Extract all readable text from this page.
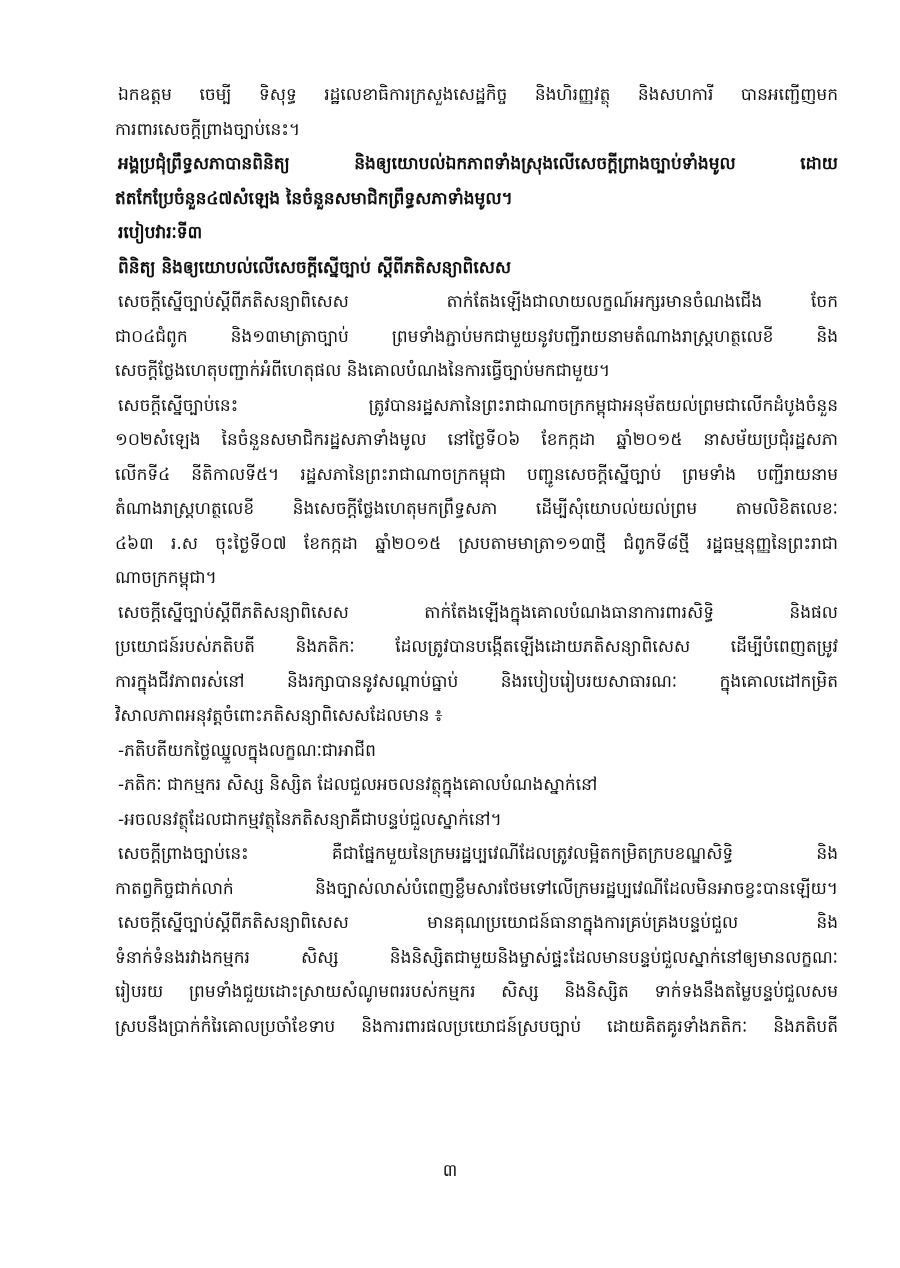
ឯកឧត្តម ចេម្បី ទិសុទ្ធ រដ្ឋលេខាធិការក្រសួងសេដ្ឋកិច្ច និងហិរញ្ញវត្ថុ និងសហការី បានអញ្ជើញមក
ការពារសេចក្តីព្រាងច្បាប់នេះ។
អង្គប្រជុំព្រឹទ្ធសភាបានពិនិត្យ និងឲ្យយោបល់ឯកភាពទាំងស្រុងលើសេចក្តីព្រាងច្បាប់ទាំងមូល ដោយ
ឥតកែប្រែចំនួន៤៧សំឡេង នៃចំនួនសមាជិកព្រឹទ្ធសភាទាំងមូល។
របៀបវារៈទី៣
ពិនិត្យ និងឲ្យយោបល់លើសេចក្តីស្នើច្បាប់ ស្តីពីភតិសន្យាពិសេស
សេចក្តីស្នើច្បាប់ស្តីពីភតិសន្យាពិសេស ​ តាក់តែងឡើងជាលាយលក្ខណ៍អក្សរមានចំណងជើង ចែក
ជា០៤ជំពូក និង១៣មាត្រាច្បាប់ ព្រមទាំងភ្ជាប់មកជាមួយនូវបញ្ជីរាយនាមតំណាងរាស្ត្រហត្ថលេខី និង
សេចក្តីថ្លែងហេតុបញ្ជាក់អំពីហេតុផល និងគោលបំណងនៃការធ្វើច្បាប់មកជាមួយ។
សេចក្តីស្នើច្បាប់នេះ ត្រូវបានរដ្ឋសភានៃព្រះរាជាណាចក្រកម្ពុជាអនុម័តយល់ព្រមជាលើកដំបូងចំនួន
១០២សំឡេង នៃចំនួនសមាជិករដ្ឋសភាទាំងមូល នៅថ្ងៃទី០៦ ខែកក្កដា ឆ្នាំ២០១៥ នាសម័យប្រជុំរដ្ឋសភា
លើកទី៤ នីតិកាលទី៥។ រដ្ឋសភានៃព្រះរាជាណាចក្រកម្ពុជា បញ្ជូនសេចក្តីស្នើច្បាប់ ព្រមទាំង បញ្ជីរាយនាម
តំណាងរាស្ត្រហត្ថលេខី និងសេចក្តីថ្លែងហេតុមកព្រឹទ្ធសភា ដើម្បីសុំយោបល់យល់ព្រម តាមលិខិតលេខៈ
៤៦៣ រ.ស ចុះថ្ងៃទី០៧ ខែកក្កដា ឆ្នាំ២០១៥ ស្របតាមមាត្រា១១៣ថ្មី ជំពូកទី៨ថ្មី រដ្ឋធម្មនុញ្ញនៃព្រះរាជា
ណាចក្រកម្ពុជា។
សេចក្តីស្នើច្បាប់ស្តីពីភតិសន្យាពិសេស តាក់តែងឡើងក្នុងគោលបំណងធានាការពារសិទ្ធិ និងផល
ប្រយោជន៍របស់ភតិបតី និងភតិកៈ ដែលត្រូវបានបង្កើតឡើងដោយភតិសន្យាពិសេស ដើម្បីបំពេញតម្រូវ
ការក្នុងជីវភាពរស់នៅ និងរក្សាបាននូវសណ្តាប់ធ្នាប់ និងរបៀបរៀបរយសាធារណៈ ក្នុងគោលដៅកម្រិត
វិសាលភាពអនុវត្តចំពោះភតិសន្យាពិសេសដែលមាន ៖
-ភតិបតីយកថ្លៃឈ្នួលក្នុងលក្ខណៈជាអាជីព
-ភតិកៈ ជាកម្មករ សិស្ស និស្សិត ដែលជួលអចលនវត្ថុក្នុងគោលបំណងស្នាក់នៅ
-អចលនវត្ថុដែលជាកម្មវត្ថុនៃភតិសន្យាគឺជាបន្ទប់ជួលស្នាក់នៅ។
សេចក្តីព្រាងច្បាប់នេះ គឺជាផ្នែកមួយនៃក្រមរដ្ឋប្បវេណីដែលត្រូវលម្អិតកម្រិតក្របខណ្ឌសិទ្ធិ និង
កាតព្វកិច្ចជាក់លាក់ និងច្បាស់លាស់បំពេញខ្លឹមសារថែមទៅលើក្រមរដ្ឋប្បវេណីដែលមិនអាចខ្វះបានឡើយ។
សេចក្តីស្នើច្បាប់ស្តីពីភតិសន្យាពិសេស មានគុណប្រយោជន៍ធានាក្នុងការគ្រប់គ្រងបន្ទប់ជួល និង
ទំនាក់ទំនងរវាងកម្មករ សិស្ស និងនិស្សិតជាមួយនិងម្ចាស់ផ្ទះដែលមានបន្ទប់ជួលស្នាក់នៅឲ្យមានលក្ខណៈ
រៀបរយ ព្រមទាំងជួយដោះស្រាយសំណូមពររបស់កម្មករ សិស្ស និងនិស្សិត ទាក់ទងនឹងតម្លៃបន្ទប់ជួលសម
ស្របនឹងប្រាក់កំរៃគោលប្រចាំខែទាប និងការពារផលប្រយោជន៍ស្របច្បាប់ ដោយគិតគូរទាំងភតិកៈ និងភតិបតី
៣
